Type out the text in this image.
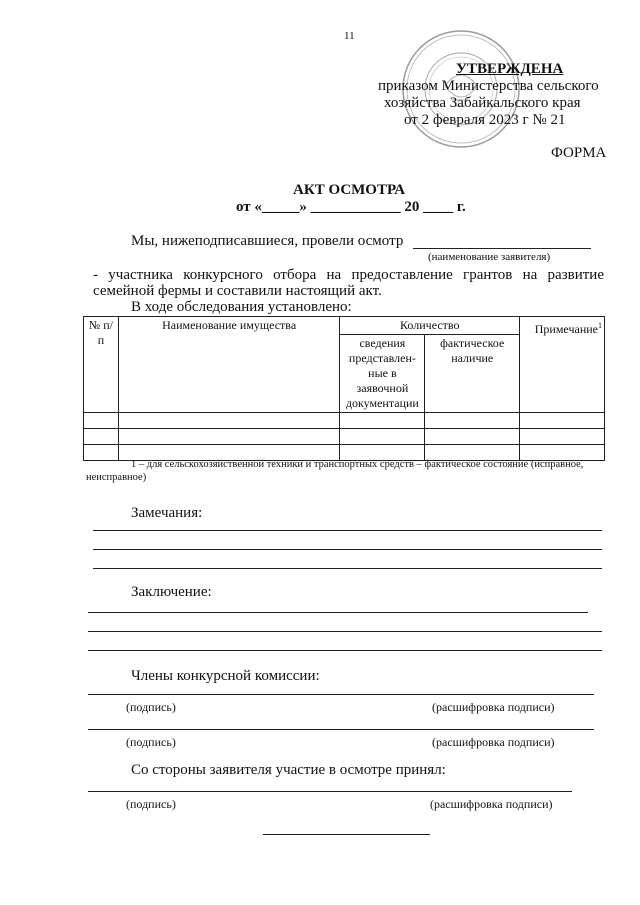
11
УТВЕРЖДЕНА
приказом Министерства сельского
хозяйства Забайкальского края
от 2 февраля 2023 г № 21
ФОРМА
АКТ ОСМОТРА
от «_____» ____________ 20 ____ г.
Мы, нижеподписавшиеся, провели осмотр
(наименование заявителя)
- участника конкурсного отбора на предоставление грантов на развитие
семейной фермы и составили настоящий акт.
В ходе обследования установлено:
№ п/п	Наименование имущества	Количество		Примечание$^1$
		сведения представлен-ные в заявочной документации	фактическое наличие	

1 – для сельскохозяйственной техники и транспортных средств – фактическое состояние (исправное,
неисправное)
Замечания:
Заключение:
Члены конкурсной комиссии:
(подпись)	(расшифровка подписи)
(подпись)	(расшифровка подписи)
Со стороны заявителя участие в осмотре принял:
(подпись)	(расшифровка подписи)
